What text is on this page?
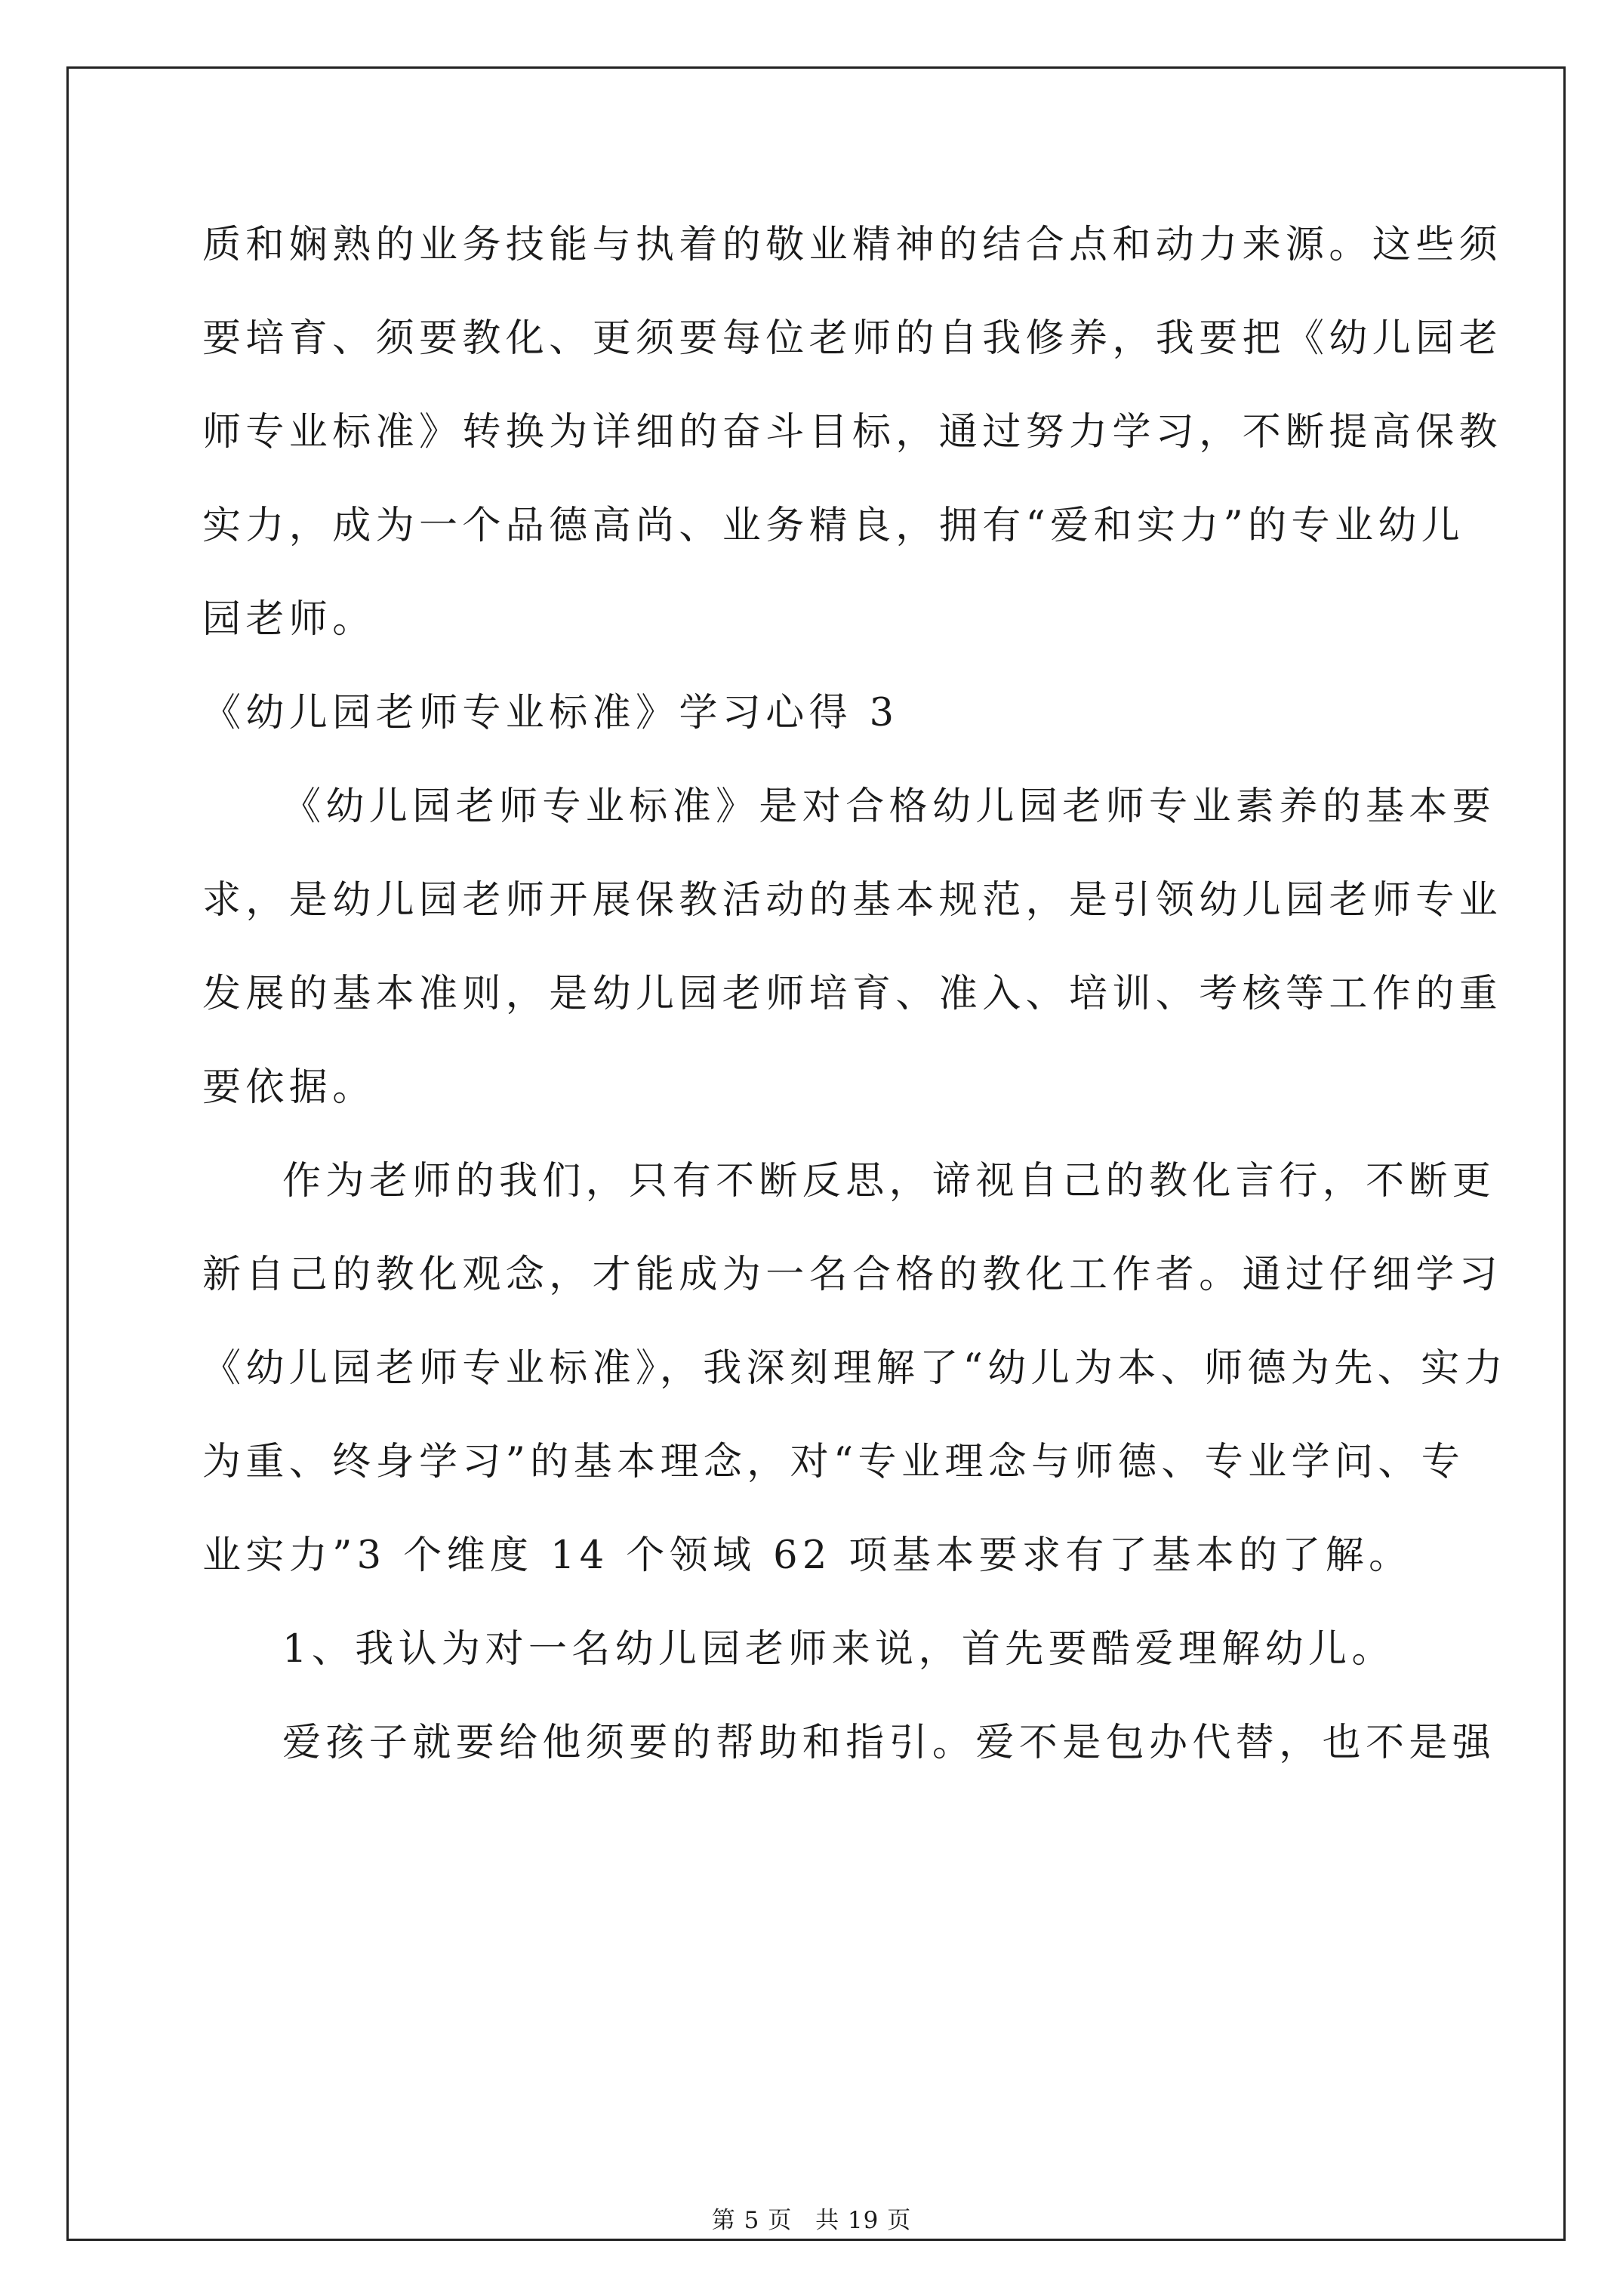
质和娴熟的业务技能与执着的敬业精神的结合点和动力来源。这些须
要培育、须要教化、更须要每位老师的自我修养，我要把《幼儿园老
师专业标准》转换为详细的奋斗目标，通过努力学习，不断提高保教
实力，成为一个品德高尚、业务精良，拥有“爱和实力”的专业幼儿
园老师。
《幼儿园老师专业标准》学习心得 3
《幼儿园老师专业标准》是对合格幼儿园老师专业素养的基本要
求，是幼儿园老师开展保教活动的基本规范，是引领幼儿园老师专业
发展的基本准则，是幼儿园老师培育、准入、培训、考核等工作的重
要依据。
作为老师的我们，只有不断反思，谛视自己的教化言行，不断更
新自己的教化观念，才能成为一名合格的教化工作者。通过仔细学习
《幼儿园老师专业标准》，我深刻理解了“幼儿为本、师德为先、实力
为重、终身学习”的基本理念，对“专业理念与师德、专业学问、专
业实力”3 个维度 14 个领域 62 项基本要求有了基本的了解。
1、我认为对一名幼儿园老师来说，首先要酷爱理解幼儿。
爱孩子就要给他须要的帮助和指引。爱不是包办代替，也不是强
第 5 页 共 19 页
